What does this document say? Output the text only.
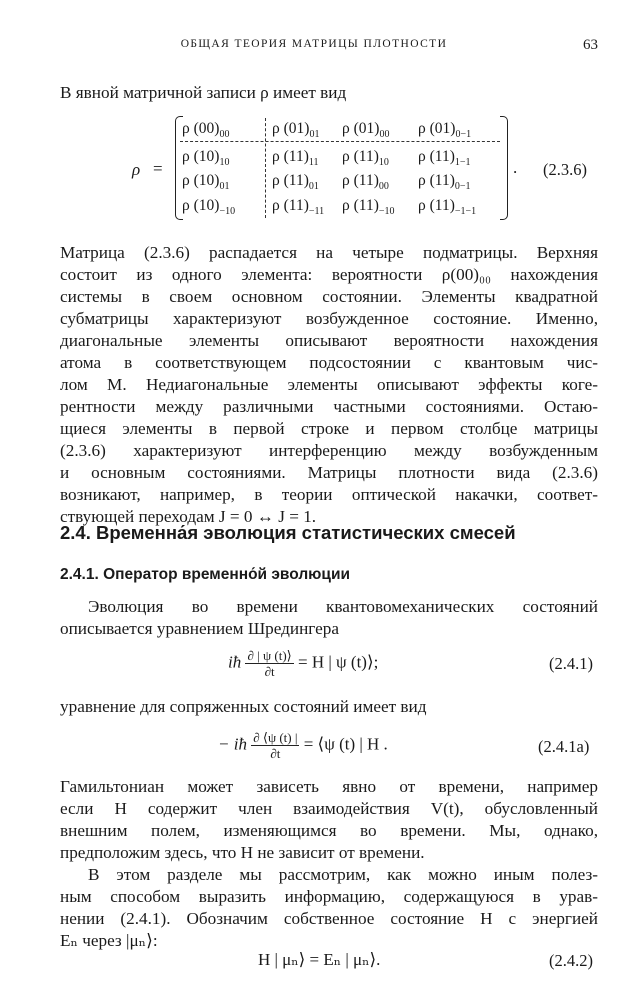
ОБЩАЯ ТЕОРИЯ МАТРИЦЫ ПЛОТНОСТИ	63
В явной матричной записи ρ имеет вид
ρ =
ρ $(00)_{00}$	ρ $(01)_{01}$ ρ $(01)_{00}$ ρ $(01)_{0-1}$
ρ $(10)_{10}$	ρ $(11)_{11}$ ρ $(11)_{10}$ ρ $(11)_{1-1}$
ρ $(10)_{01}$	ρ $(11)_{01}$ ρ $(11)_{00}$ ρ $(11)_{0-1}$
ρ $(10)_{-10}$ ρ $(11)_{-11}$ ρ $(11)_{-10}$ ρ $(11)_{-1-1}$
. (2.3.6)
Матрица (2.3.6) распадается на четыре подматрицы. Верхняя
состоит из одного элемента: вероятности ρ(00)₀₀ нахождения
системы в своем основном состоянии. Элементы квадратной
субматрицы характеризуют возбужденное состояние. Именно,
диагональные элементы описывают вероятности нахождения
атома в соответствующем подсостоянии с квантовым чис-
лом M. Недиагональные элементы описывают эффекты коге-
рентности между различными частными состояниями. Остаю-
щиеся элементы в первой строке и первом столбце матрицы
(2.3.6) характеризуют интерференцию между возбужденным
и основным состояниями. Матрицы плотности вида (2.3.6)
возникают, например, в теории оптической накачки, соответ-
ствующей переходам J = 0 ↔ J = 1.
2.4. Временна́я эволюция статистических смесей
2.4.1. Оператор временно́й эволюции
Эволюция во времени квантовомеханических состояний
описывается уравнением Шредингера
iħ $\frac{\partial | \psi (t)⟩}{\partial t} = H$ | ψ (t)⟩;	(2.4.1)
уравнение для сопряженных состояний имеет вид
− iħ $\frac{\partial ⟨\psi (t) |}{\partial t}$ = ⟨ψ (t) | H .	(2.4.1a)
Гамильтониан может зависеть явно от времени, например
если H содержит член взаимодействия V(t), обусловленный
внешним полем, изменяющимся во времени. Мы, однако,
предположим здесь, что H не зависит от времени.
В этом разделе мы рассмотрим, как можно иным полез-
ным способом выразить информацию, содержащуюся в урав-
нении (2.4.1). Обозначим собственное состояние H с энергией
Eₙ через |μₙ⟩:
H | μₙ⟩ = Eₙ | μₙ⟩.	(2.4.2)
